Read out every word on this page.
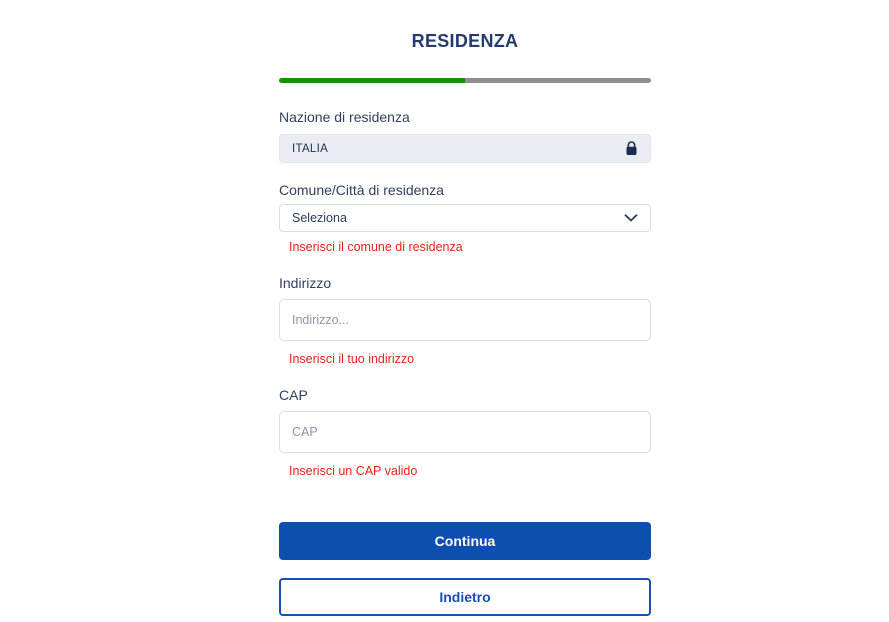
RESIDENZA
Nazione di residenza
ITALIA
Comune/Città di residenza
Seleziona
Inserisci il comune di residenza
Indirizzo
Indirizzo...
Inserisci il tuo indirizzo
CAP
CAP
Inserisci un CAP valido
Continua
Indietro
